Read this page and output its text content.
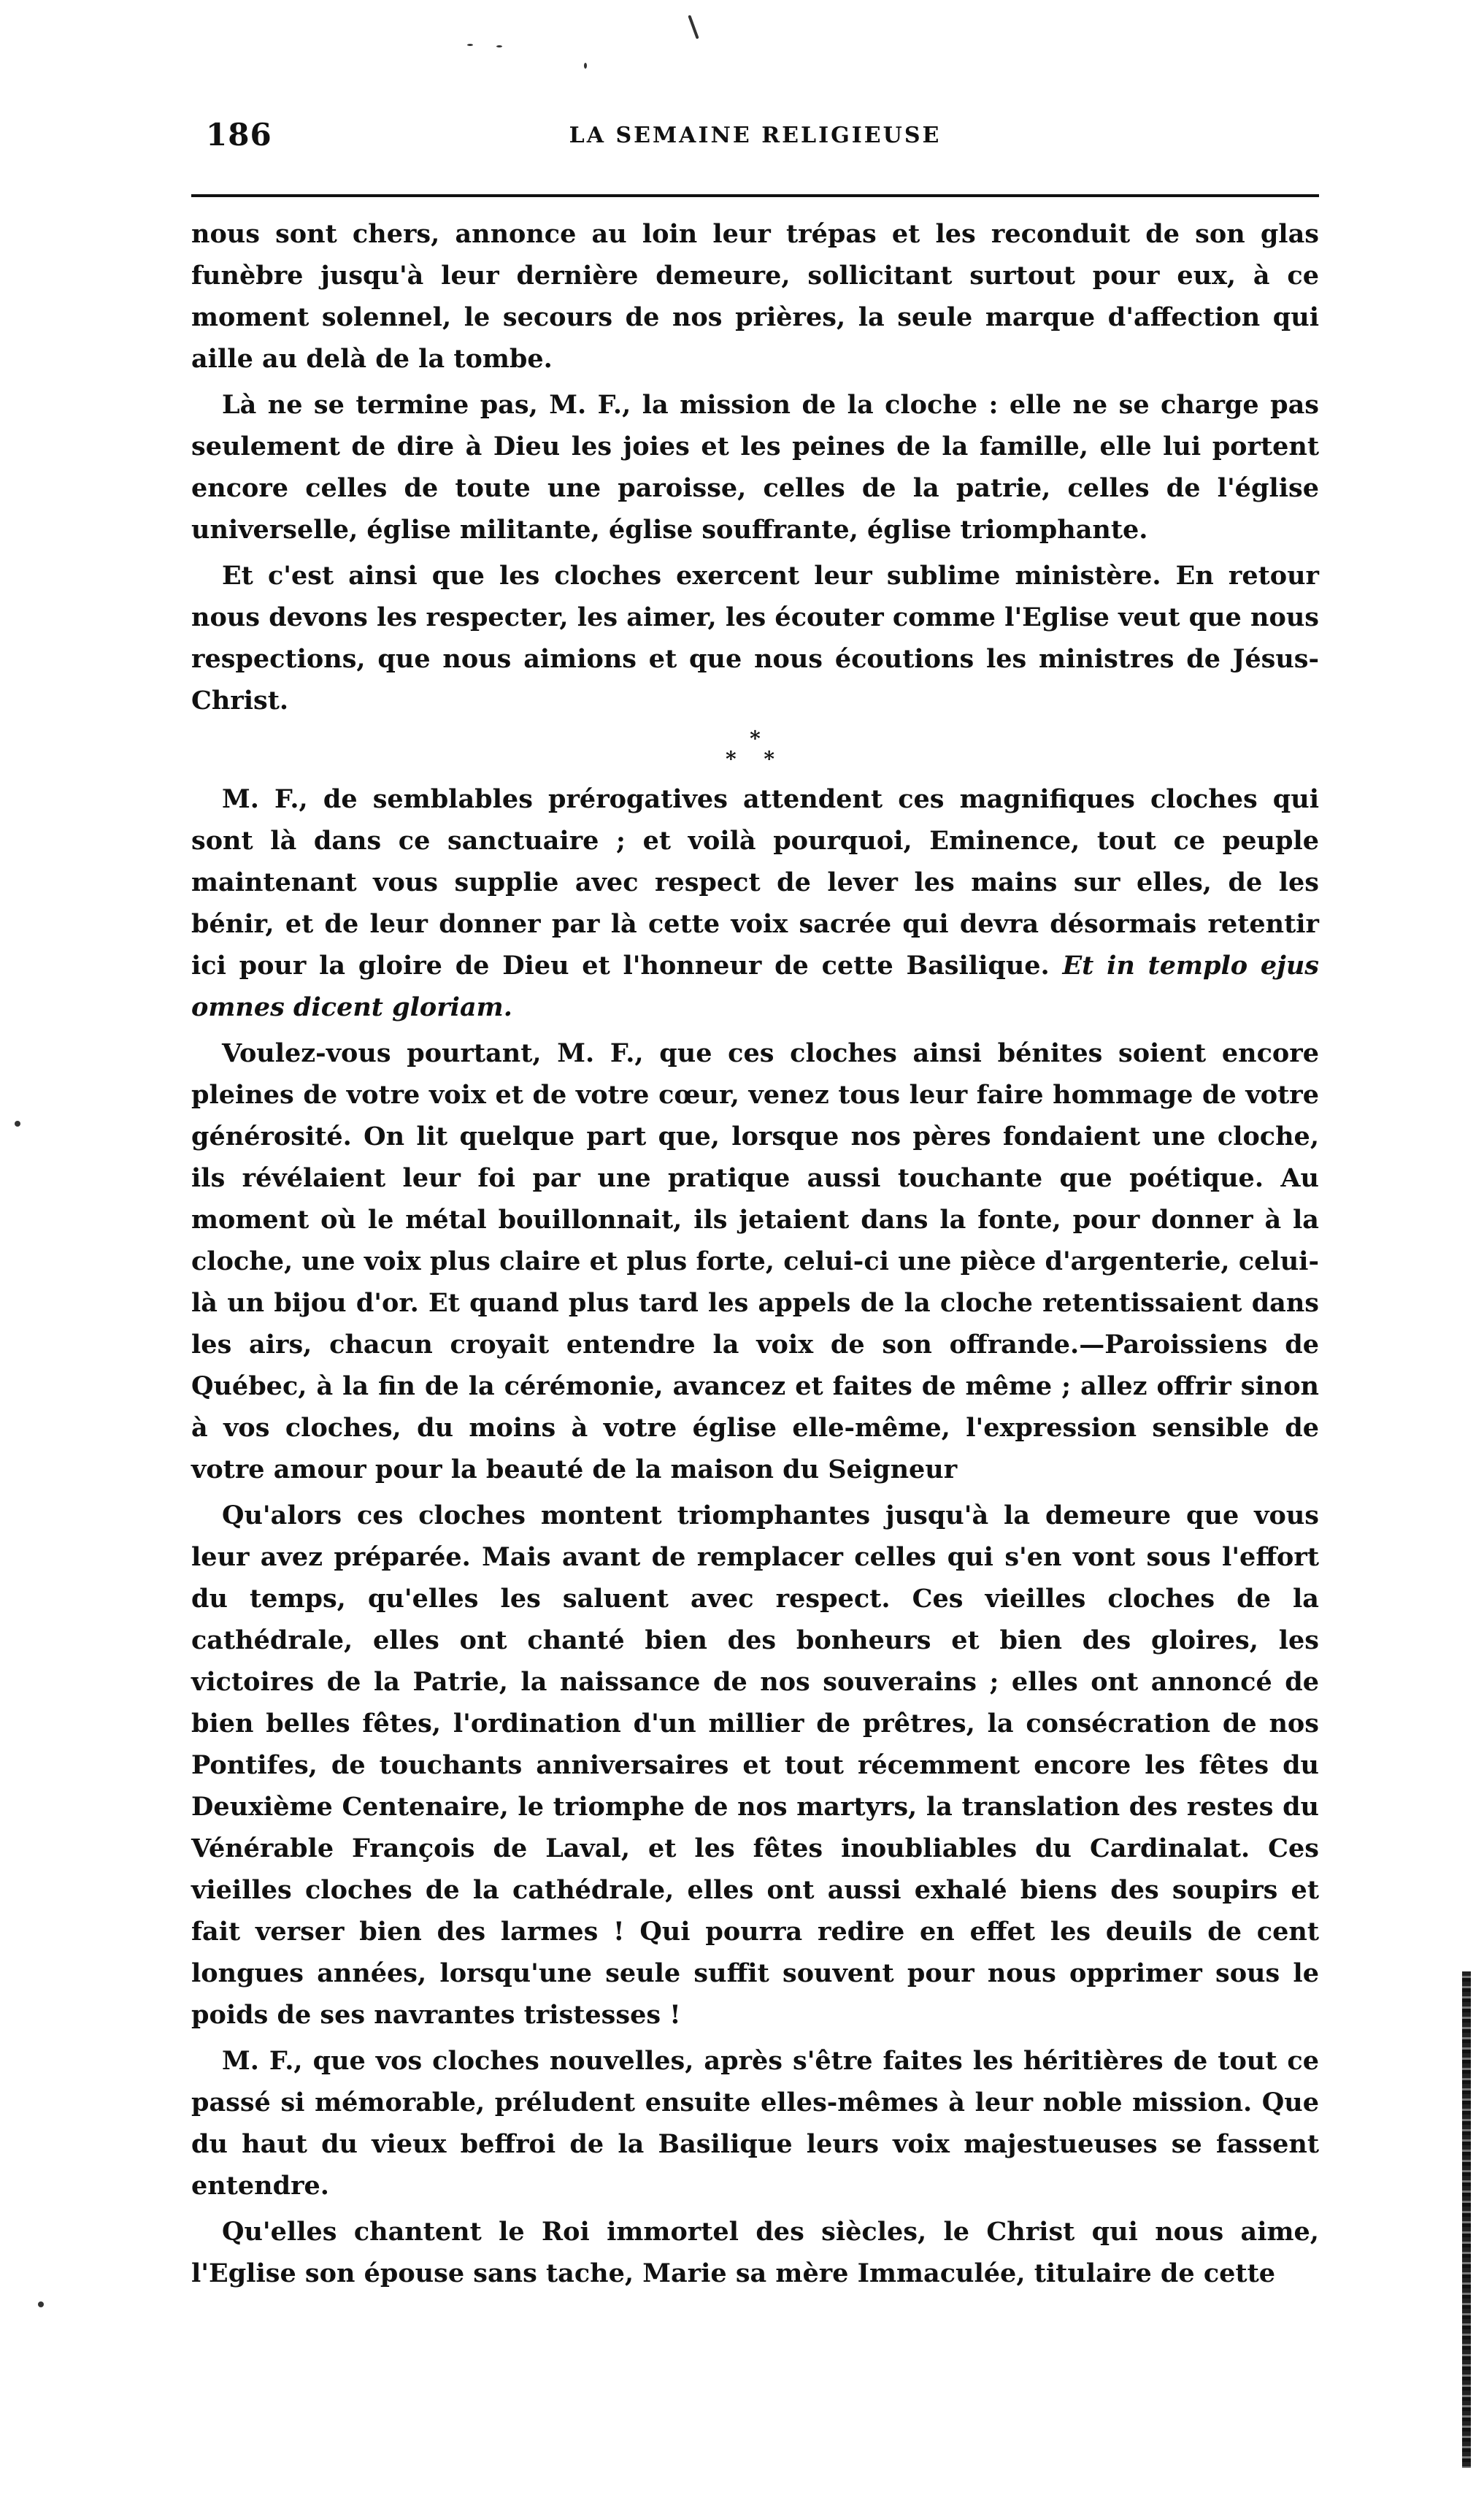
186	LA SEMAINE RELIGIEUSE

nous sont chers, annonce au loin leur trépas et les reconduit de son glas funèbre jusqu'à leur dernière demeure, sollicitant surtout pour eux, à ce moment solennel, le secours de nos prières, la seule marque d'affection qui aille au delà de la tombe.

Là ne se termine pas, M. F., la mission de la cloche : elle ne se charge pas seulement de dire à Dieu les joies et les peines de la famille, elle lui portent encore celles de toute une paroisse, celles de la patrie, celles de l'église universelle, église militante, église souffrante, église triomphante.

Et c'est ainsi que les cloches exercent leur sublime ministère. En retour nous devons les respecter, les aimer, les écouter comme l'Eglise veut que nous respections, que nous aimions et que nous écoutions les ministres de Jésus-Christ.

*
* *

M. F., de semblables prérogatives attendent ces magnifiques cloches qui sont là dans ce sanctuaire ; et voilà pourquoi, Eminence, tout ce peuple maintenant vous supplie avec respect de lever les mains sur elles, de les bénir, et de leur donner par là cette voix sacrée qui devra désormais retentir ici pour la gloire de Dieu et l'honneur de cette Basilique. Et in templo ejus omnes dicent gloriam.

Voulez-vous pourtant, M. F., que ces cloches ainsi bénites soient encore pleines de votre voix et de votre cœur, venez tous leur faire hommage de votre générosité. On lit quelque part que, lorsque nos pères fondaient une cloche, ils révélaient leur foi par une pratique aussi touchante que poétique. Au moment où le métal bouillonnait, ils jetaient dans la fonte, pour donner à la cloche, une voix plus claire et plus forte, celui-ci une pièce d'argenterie, celui-là un bijou d'or. Et quand plus tard les appels de la cloche retentissaient dans les airs, chacun croyait entendre la voix de son offrande.—Paroissiens de Québec, à la fin de la cérémonie, avancez et faites de même ; allez offrir sinon à vos cloches, du moins à votre église elle-même, l'expression sensible de votre amour pour la beauté de la maison du Seigneur

Qu'alors ces cloches montent triomphantes jusqu'à la demeure que vous leur avez préparée. Mais avant de remplacer celles qui s'en vont sous l'effort du temps, qu'elles les saluent avec respect. Ces vieilles cloches de la cathédrale, elles ont chanté bien des bonheurs et bien des gloires, les victoires de la Patrie, la naissance de nos souverains ; elles ont annoncé de bien belles fêtes, l'ordination d'un millier de prêtres, la consécration de nos Pontifes, de touchants anniversaires et tout récemment encore les fêtes du Deuxième Centenaire, le triomphe de nos martyrs, la translation des restes du Vénérable François de Laval, et les fêtes inoubliables du Cardinalat. Ces vieilles cloches de la cathédrale, elles ont aussi exhalé biens des soupirs et fait verser bien des larmes ! Qui pourra redire en effet les deuils de cent longues années, lorsqu'une seule suffit souvent pour nous opprimer sous le poids de ses navrantes tristesses !

M. F., que vos cloches nouvelles, après s'être faites les héritières de tout ce passé si mémorable, préludent ensuite elles-mêmes à leur noble mission. Que du haut du vieux beffroi de la Basilique leurs voix majestueuses se fassent entendre.

Qu'elles chantent le Roi immortel des siècles, le Christ qui nous aime, l'Eglise son épouse sans tache, Marie sa mère Immaculée, titulaire de cette
